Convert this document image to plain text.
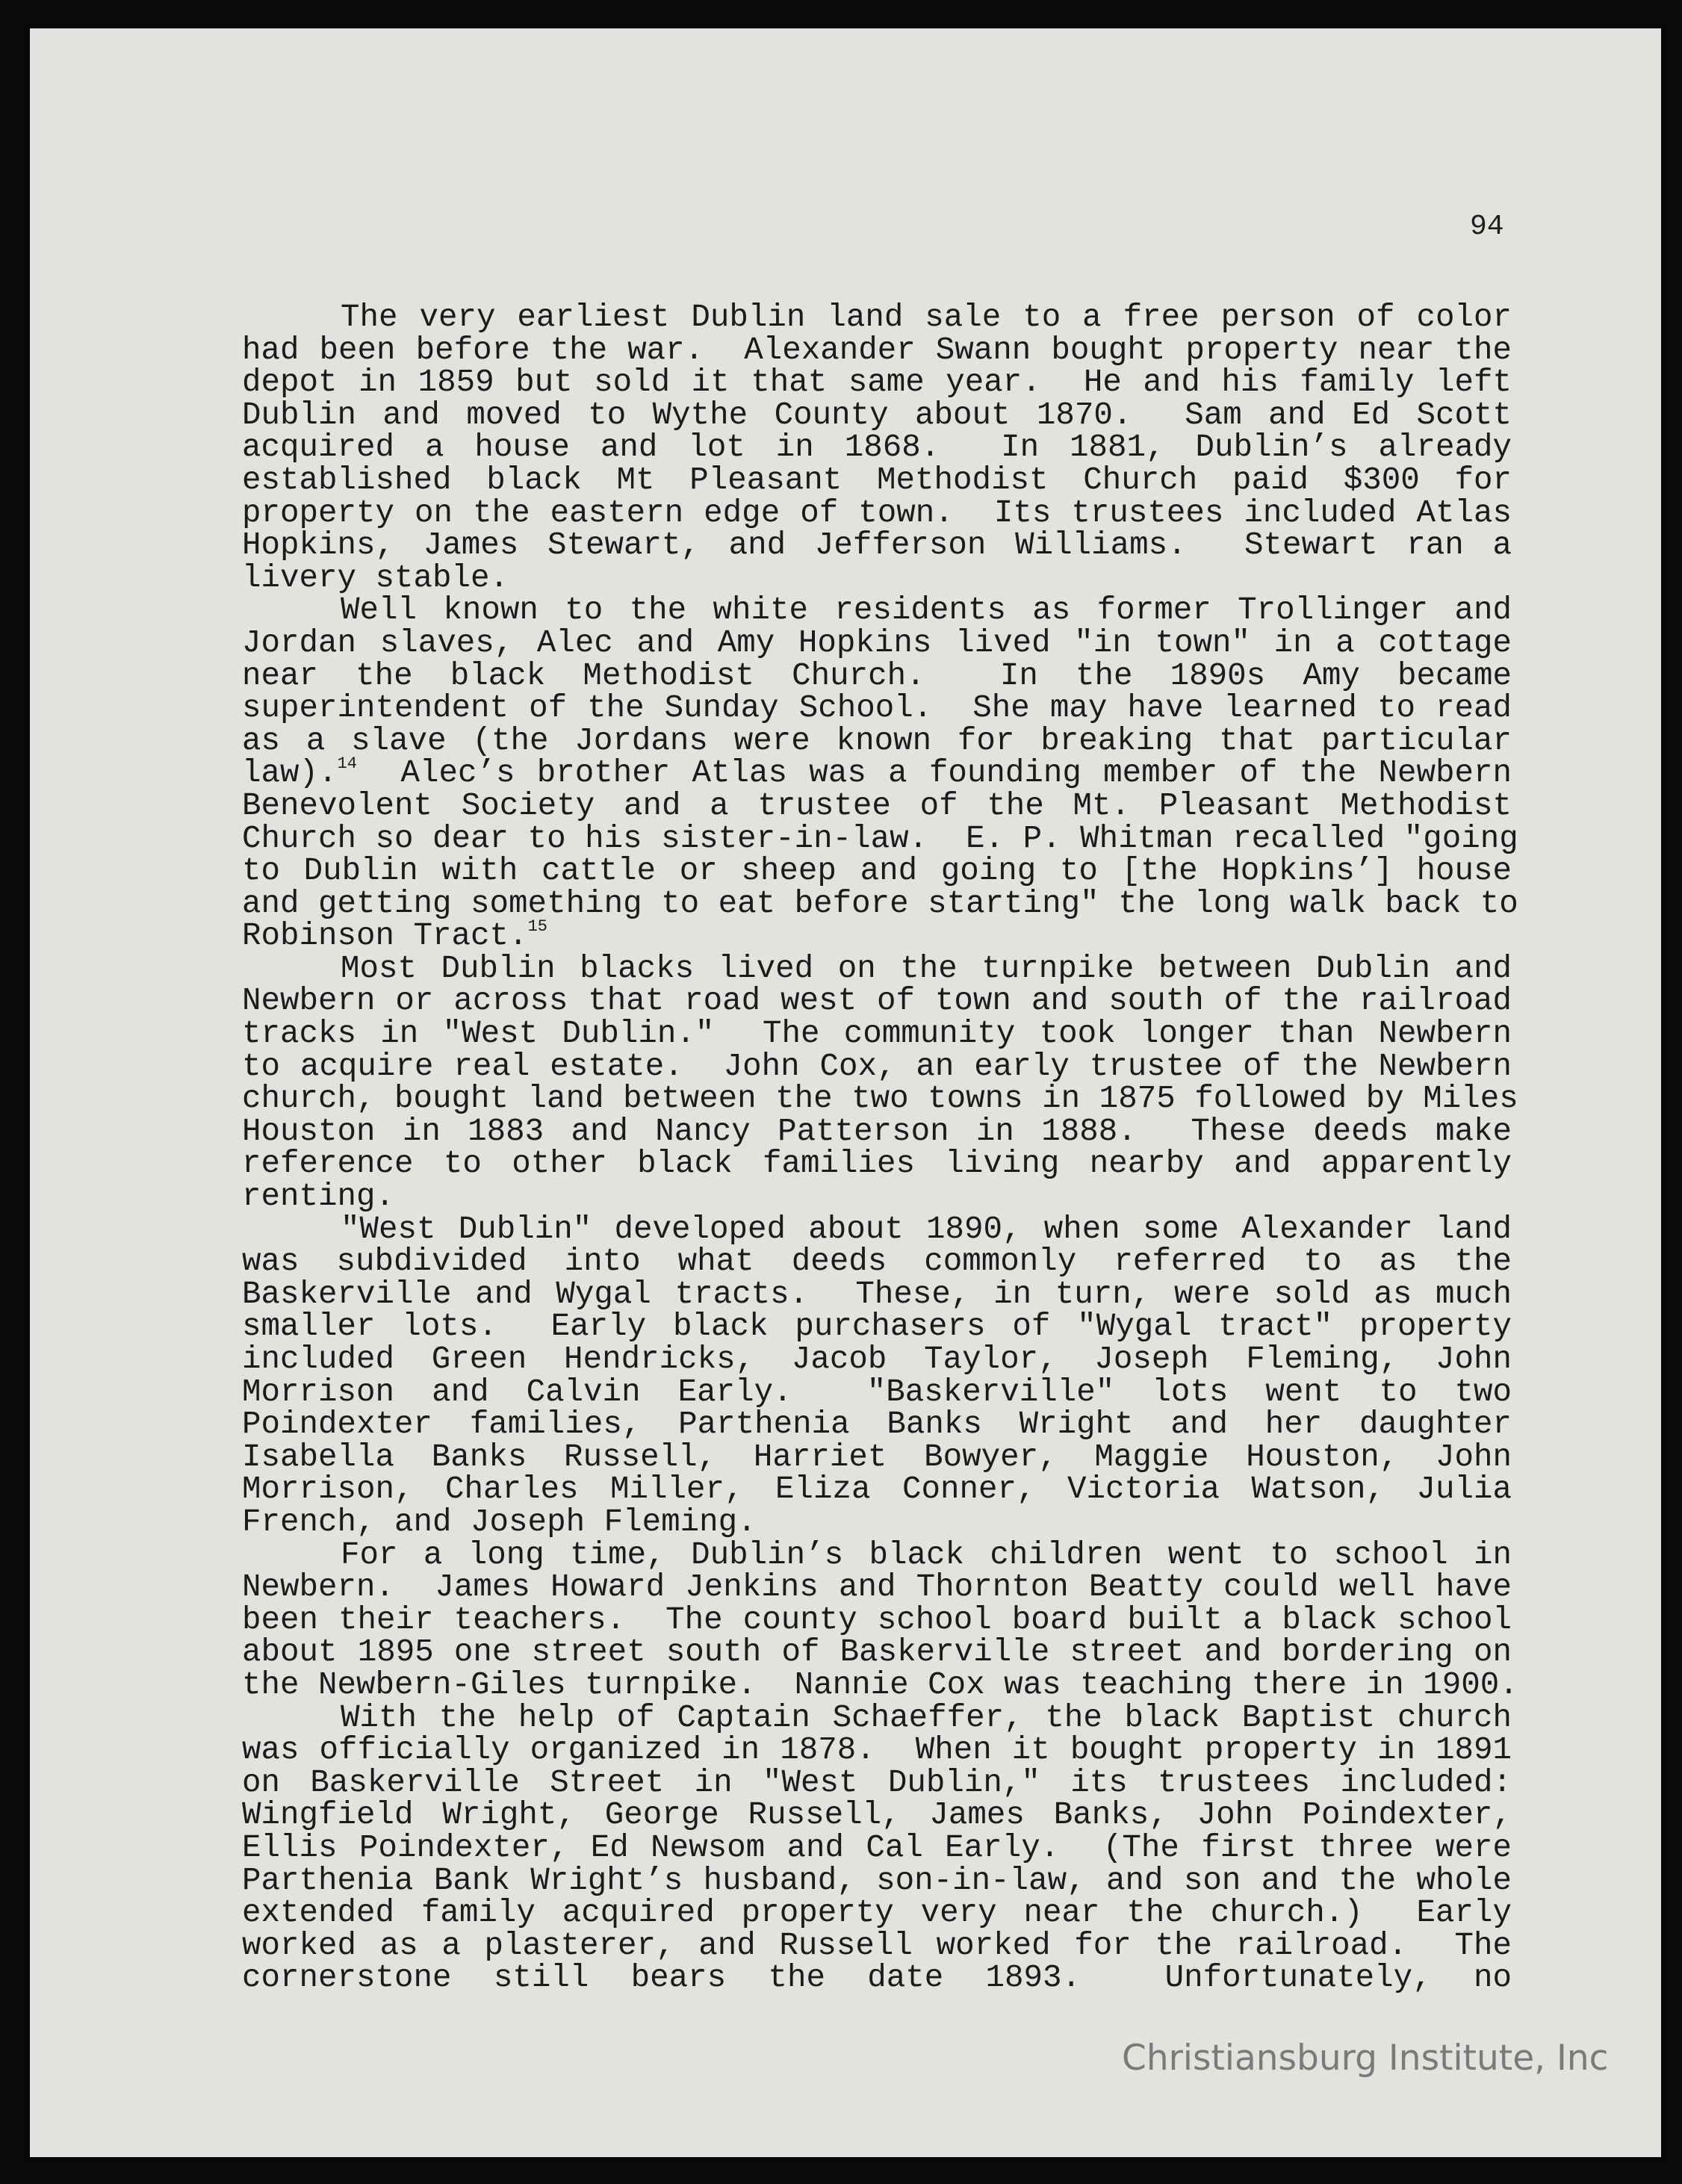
94
The very earliest Dublin land sale to a free person of color
had been before the war.  Alexander Swann bought property near the
depot in 1859 but sold it that same year.  He and his family left
Dublin and moved to Wythe County about 1870.  Sam and Ed Scott
acquired a house and lot in 1868.  In 1881, Dublin’s already
established black Mt Pleasant Methodist Church paid $300 for
property on the eastern edge of town.  Its trustees included Atlas
Hopkins, James Stewart, and Jefferson Williams.  Stewart ran a
livery stable.
Well known to the white residents as former Trollinger and
Jordan slaves, Alec and Amy Hopkins lived "in town" in a cottage
near the black Methodist Church.  In the 1890s Amy became
superintendent of the Sunday School.  She may have learned to read
as a slave (the Jordans were known for breaking that particular
law).$^{14}$  Alec’s brother Atlas was a founding member of the Newbern
Benevolent Society and a trustee of the Mt. Pleasant Methodist
Church so dear to his sister-in-law.  E. P. Whitman recalled "going
to Dublin with cattle or sheep and going to [the Hopkins’] house
and getting something to eat before starting" the long walk back to
Robinson Tract.$^{15}$
Most Dublin blacks lived on the turnpike between Dublin and
Newbern or across that road west of town and south of the railroad
tracks in "West Dublin."  The community took longer than Newbern
to acquire real estate.  John Cox, an early trustee of the Newbern
church, bought land between the two towns in 1875 followed by Miles
Houston in 1883 and Nancy Patterson in 1888.  These deeds make
reference to other black families living nearby and apparently
renting.
"West Dublin" developed about 1890, when some Alexander land
was subdivided into what deeds commonly referred to as the
Baskerville and Wygal tracts.  These, in turn, were sold as much
smaller lots.  Early black purchasers of "Wygal tract" property
included Green Hendricks, Jacob Taylor, Joseph Fleming, John
Morrison and Calvin Early.  "Baskerville" lots went to two
Poindexter families, Parthenia Banks Wright and her daughter
Isabella Banks Russell, Harriet Bowyer, Maggie Houston, John
Morrison, Charles Miller, Eliza Conner, Victoria Watson, Julia
French, and Joseph Fleming.
For a long time, Dublin’s black children went to school in
Newbern.  James Howard Jenkins and Thornton Beatty could well have
been their teachers.  The county school board built a black school
about 1895 one street south of Baskerville street and bordering on
the Newbern-Giles turnpike.  Nannie Cox was teaching there in 1900.
With the help of Captain Schaeffer, the black Baptist church
was officially organized in 1878.  When it bought property in 1891
on Baskerville Street in "West Dublin," its trustees included:
Wingfield Wright, George Russell, James Banks, John Poindexter,
Ellis Poindexter, Ed Newsom and Cal Early.  (The first three were
Parthenia Bank Wright’s husband, son-in-law, and son and the whole
extended family acquired property very near the church.)  Early
worked as a plasterer, and Russell worked for the railroad.  The
cornerstone still bears the date 1893.  Unfortunately, no
Christiansburg Institute, Inc
